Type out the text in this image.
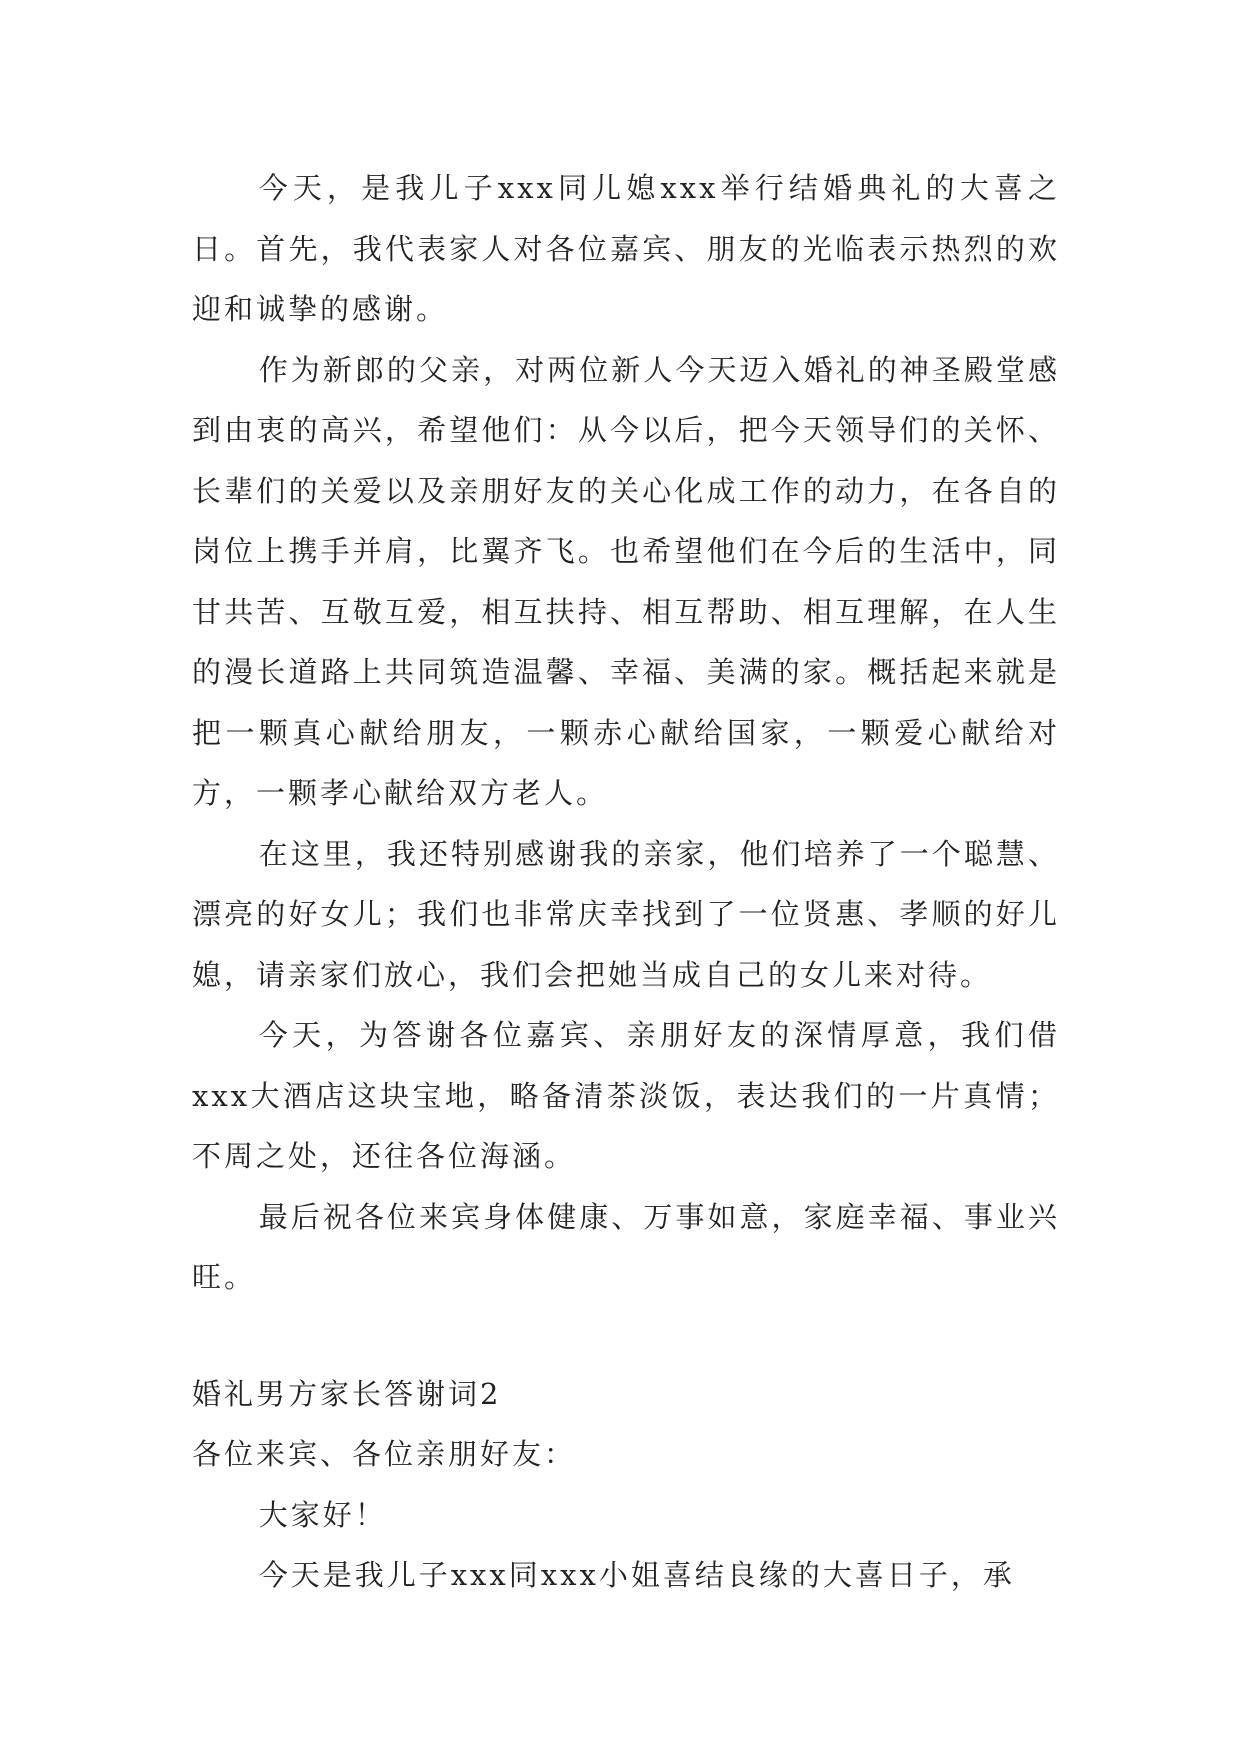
今天，是我儿子xxx同儿媳xxx举行结婚典礼的大喜之日。首先，我代表家人对各位嘉宾、朋友的光临表示热烈的欢迎和诚挚的感谢。

作为新郎的父亲，对两位新人今天迈入婚礼的神圣殿堂感到由衷的高兴，希望他们：从今以后，把今天领导们的关怀、长辈们的关爱以及亲朋好友的关心化成工作的动力，在各自的岗位上携手并肩，比翼齐飞。也希望他们在今后的生活中，同甘共苦、互敬互爱，相互扶持、相互帮助、相互理解，在人生的漫长道路上共同筑造温馨、幸福、美满的家。概括起来就是把一颗真心献给朋友，一颗赤心献给国家，一颗爱心献给对方，一颗孝心献给双方老人。

在这里，我还特别感谢我的亲家，他们培养了一个聪慧、漂亮的好女儿；我们也非常庆幸找到了一位贤惠、孝顺的好儿媳，请亲家们放心，我们会把她当成自己的女儿来对待。

今天，为答谢各位嘉宾、亲朋好友的深情厚意，我们借xxx大酒店这块宝地，略备清茶淡饭，表达我们的一片真情；不周之处，还往各位海涵。

最后祝各位来宾身体健康、万事如意，家庭幸福、事业兴旺。

婚礼男方家长答谢词2

各位来宾、各位亲朋好友：

大家好！

今天是我儿子xxx同xxx小姐喜结良缘的大喜日子，承
